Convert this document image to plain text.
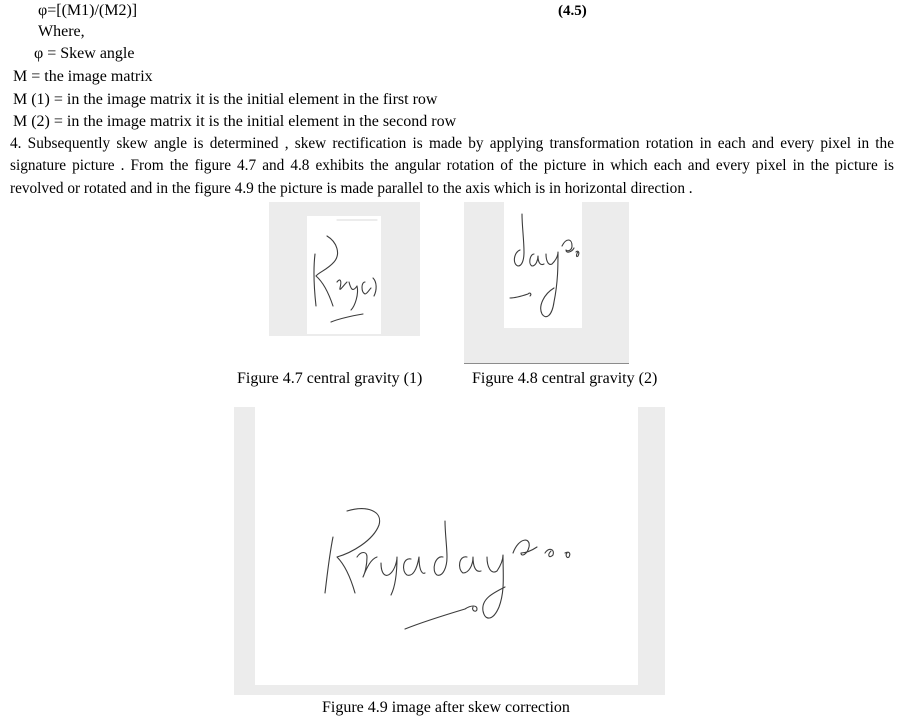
φ=[(M1)/(M2)]	(4.5)
Where,
φ = Skew angle
M = the image matrix
M (1) = in the image matrix it is the initial element in the first row
M (2) = in the image matrix it is the initial element in the second row
4. Subsequently skew angle is determined , skew rectification is made by applying transformation rotation in each and every pixel in the signature picture . From the figure 4.7 and 4.8 exhibits the angular rotation of the picture in which each and every pixel in the picture is revolved or rotated and in the figure 4.9 the picture is made parallel to the axis which is in horizontal direction .
Figure 4.7 central gravity (1)	Figure 4.8 central gravity (2)
Figure 4.9 image after skew correction
